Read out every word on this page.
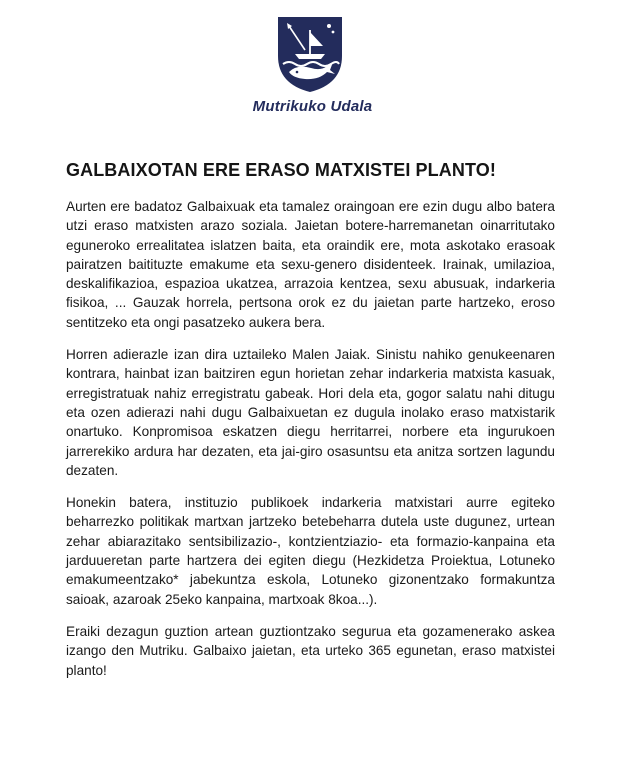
Mutrikuko Udala
GALBAIXOTAN ERE ERASO MATXISTEI PLANTO!

Aurten ere badatoz Galbaixuak eta tamalez oraingoan ere ezin dugu albo batera utzi eraso matxisten arazo soziala. Jaietan botere-harremanetan oinarritutako eguneroko errealitatea islatzen baita, eta oraindik ere, mota askotako erasoak pairatzen baitituzte emakume eta sexu-genero disidenteek. Irainak, umilazioa, deskalifikazioa, espazioa ukatzea, arrazoia kentzea, sexu abusuak, indarkeria fisikoa, ... Gauzak horrela, pertsona orok ez du jaietan parte hartzeko, eroso sentitzeko eta ongi pasatzeko aukera bera.

Horren adierazle izan dira uztaileko Malen Jaiak. Sinistu nahiko genukeenaren kontrara, hainbat izan baitziren egun horietan zehar indarkeria matxista kasuak, erregistratuak nahiz erregistratu gabeak. Hori dela eta, gogor salatu nahi ditugu eta ozen adierazi nahi dugu Galbaixuetan ez dugula inolako eraso matxistarik onartuko. Konpromisoa eskatzen diegu herritarrei, norbere eta ingurukoen jarrerekiko ardura har dezaten, eta jai-giro osasuntsu eta anitza sortzen lagundu dezaten.

Honekin batera, instituzio publikoek indarkeria matxistari aurre egiteko beharrezko politikak martxan jartzeko betebeharra dutela uste dugunez, urtean zehar abiarazitako sentsibilizazio-, kontzientziazio- eta formazio-kanpaina eta jarduueretan parte hartzera dei egiten diegu (Hezkidetza Proiektua, Lotuneko emakumeentzako* jabekuntza eskola, Lotuneko gizonentzako formakuntza saioak, azaroak 25eko kanpaina, martxoak 8koa...).

Eraiki dezagun guztion artean guztiontzako segurua eta gozamenerako askea izango den Mutriku. Galbaixo jaietan, eta urteko 365 egunetan, eraso matxistei planto!
